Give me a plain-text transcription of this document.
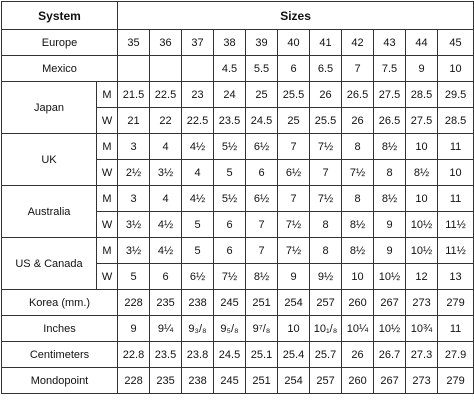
System		Sizes										
Europe		35	36	37	38	39	40	41	42	43	44	45
Mexico					4.5	5.5	6	6.5	7	7.5	9	10
Japan	M	21.5	22.5	23	24	25	25.5	26	26.5	27.5	28.5	29.5
	W	21	22	22.5	23.5	24.5	25	25.5	26	26.5	27.5	28.5
UK	M	3	4	4½	5½	6½	7	7½	8	8½	10	11
	W	2½	3½	4	5	6	6½	7	7½	8	8½	10
Australia	M	3	4	4½	5½	6½	7	7½	8	8½	10	11
	W	3½	4½	5	6	7	7½	8	8½	9	10½	11½
US & Canada	M	3½	4½	5	6	7	7½	8	8½	9	10½	11½
	W	5	6	6½	7½	8½	9	9½	10	10½	12	13
Korea (mm.)		228	235	238	245	251	254	257	260	267	273	279
Inches		9	9¼	9₃/₈	9₅/₈	9⁷/₈	10	10₁/₈	10¼	10½	10¾	11
Centimeters		22.8	23.5	23.8	24.5	25.1	25.4	25.7	26	26.7	27.3	27.9
Mondopoint		228	235	238	245	251	254	257	260	267	273	279
